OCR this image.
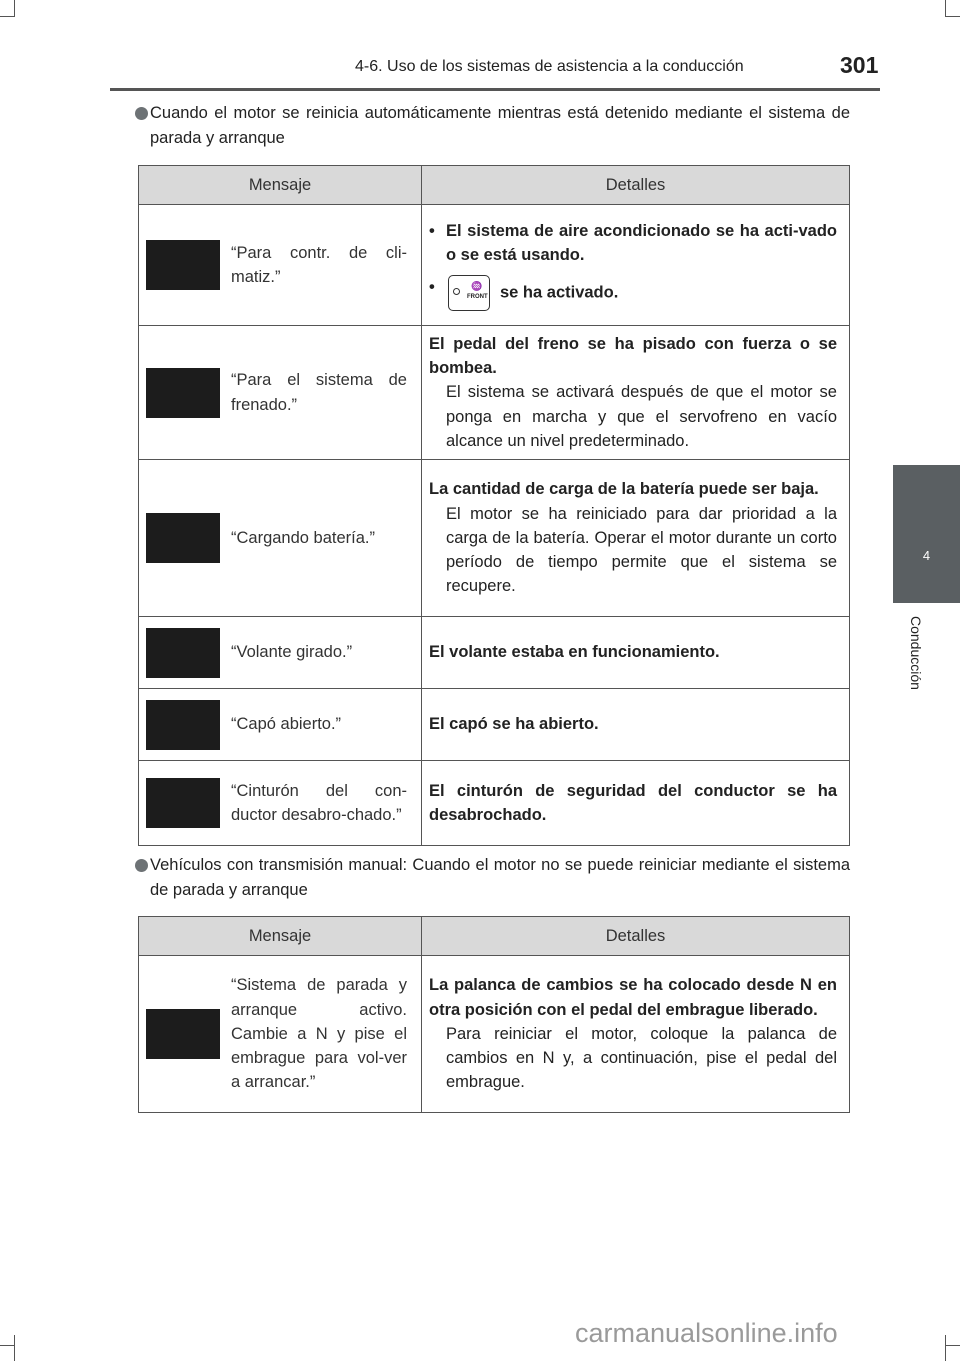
4-6. Uso de los sistemas de asistencia a la conducción	301
4
Conducción
Cuando el motor se reinicia automáticamente mientras está detenido mediante el sistema de parada y arranque
Mensaje	Detalles

“Para contr. de cli-matiz.”	• El sistema de aire acondicionado se ha acti-vado o se está usando.
• ♒
FRONT se ha activado.

“Para el sistema de frenado.”	El pedal del freno se ha pisado con fuerza o se bombea.
El sistema se activará después de que el motor se ponga en marcha y que el servofreno en vacío alcance un nivel predeterminado.

“Cargando batería.”	La cantidad de carga de la batería puede ser baja.
El motor se ha reiniciado para dar prioridad a la carga de la batería. Operar el motor durante un corto período de tiempo permite que el sistema se recupere.

“Volante girado.”	El volante estaba en funcionamiento.

“Capó abierto.”	El capó se ha abierto.

“Cinturón del con-ductor desabro-chado.”	El cinturón de seguridad del conductor se ha desabrochado.
Vehículos con transmisión manual: Cuando el motor no se puede reiniciar mediante el sistema de parada y arranque
Mensaje	Detalles

“Sistema de parada y arranque activo. Cambie a N y pise el embrague para vol-ver a arrancar.”	La palanca de cambios se ha colocado desde N en otra posición con el pedal del embrague liberado.
Para reiniciar el motor, coloque la palanca de cambios en N y, a continuación, pise el pedal del embrague.
carmanualsonline.info
